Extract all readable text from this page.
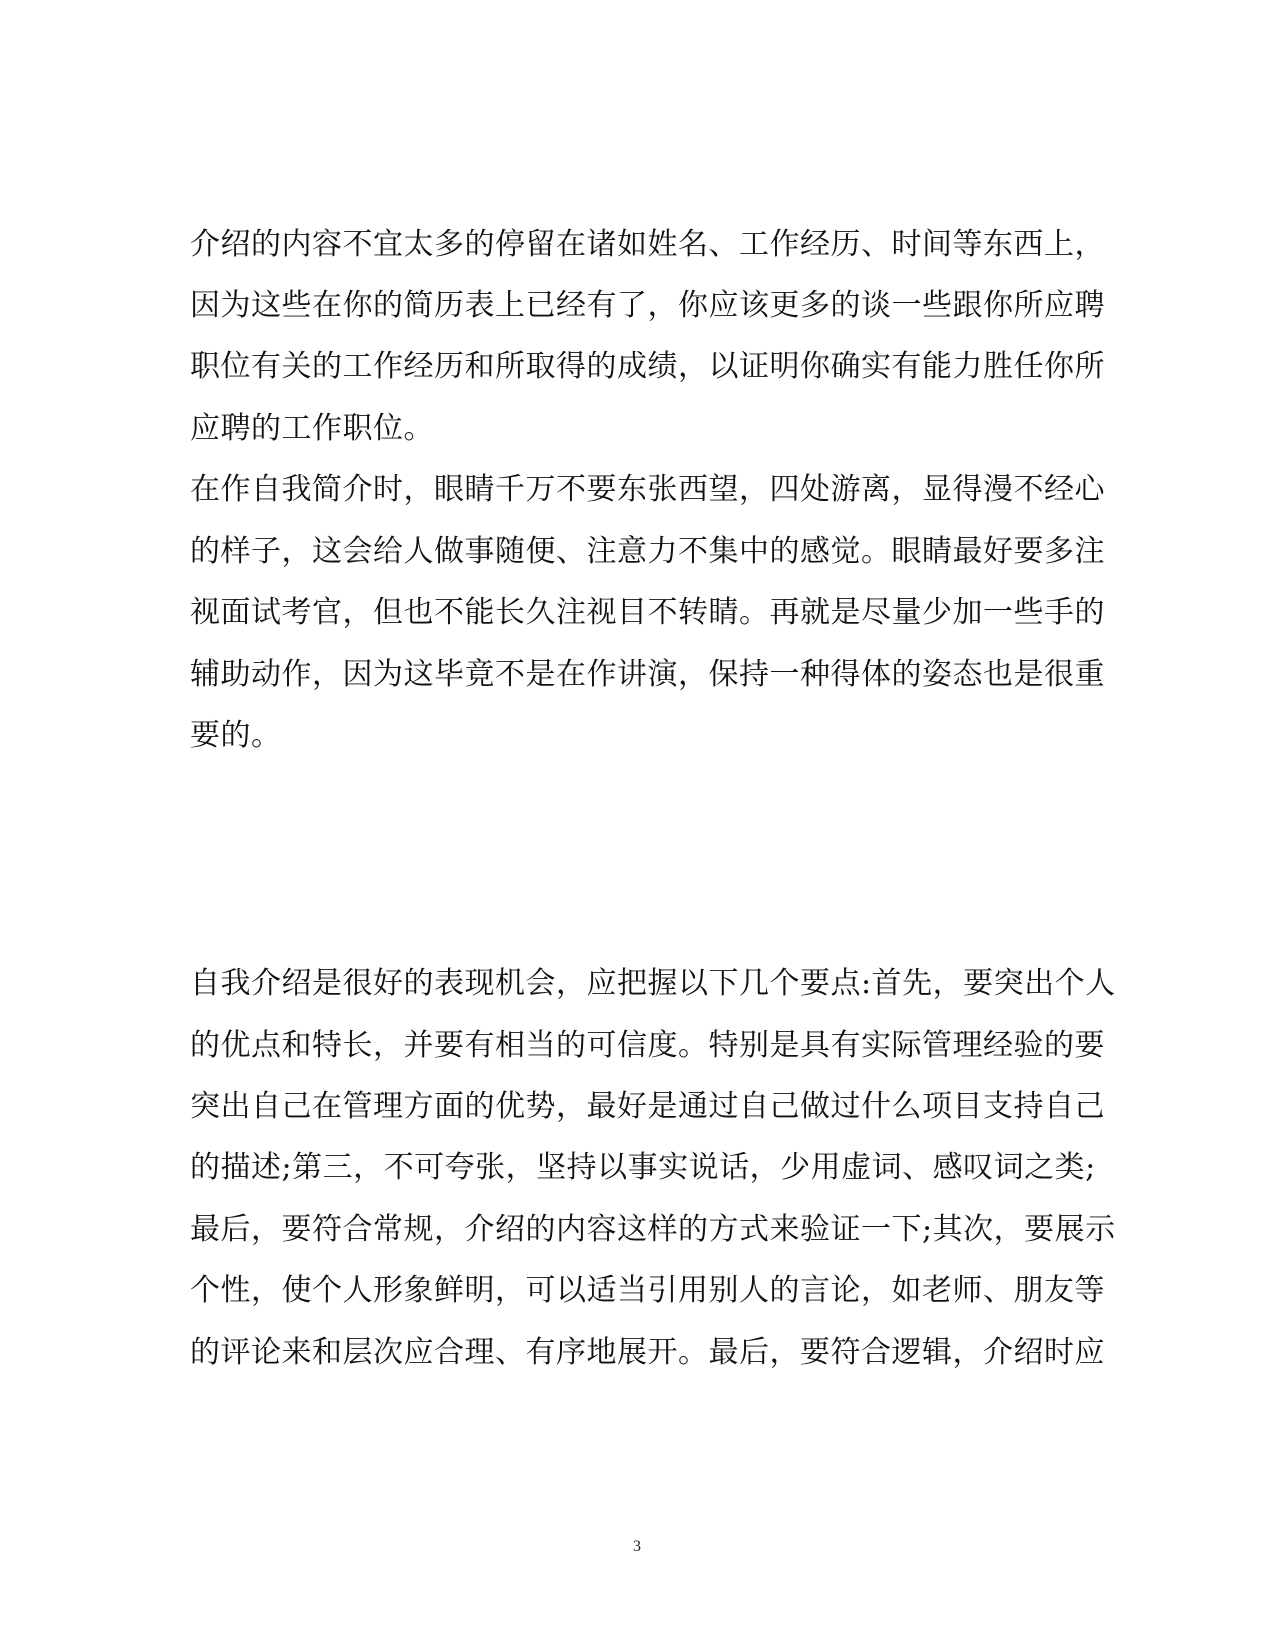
介绍的内容不宜太多的停留在诸如姓名、工作经历、时间等东西上，
因为这些在你的简历表上已经有了，你应该更多的谈一些跟你所应聘
职位有关的工作经历和所取得的成绩，以证明你确实有能力胜任你所
应聘的工作职位。
在作自我简介时，眼睛千万不要东张西望，四处游离，显得漫不经心
的样子，这会给人做事随便、注意力不集中的感觉。眼睛最好要多注
视面试考官，但也不能长久注视目不转睛。再就是尽量少加一些手的
辅助动作，因为这毕竟不是在作讲演，保持一种得体的姿态也是很重
要的。
自我介绍是很好的表现机会，应把握以下几个要点:首先，要突出个人
的优点和特长，并要有相当的可信度。特别是具有实际管理经验的要
突出自己在管理方面的优势，最好是通过自己做过什么项目支持自己
的描述;第三，不可夸张，坚持以事实说话，少用虚词、感叹词之类;
最后，要符合常规，介绍的内容这样的方式来验证一下;其次，要展示
个性，使个人形象鲜明，可以适当引用别人的言论，如老师、朋友等
的评论来和层次应合理、有序地展开。最后，要符合逻辑，介绍时应
3
